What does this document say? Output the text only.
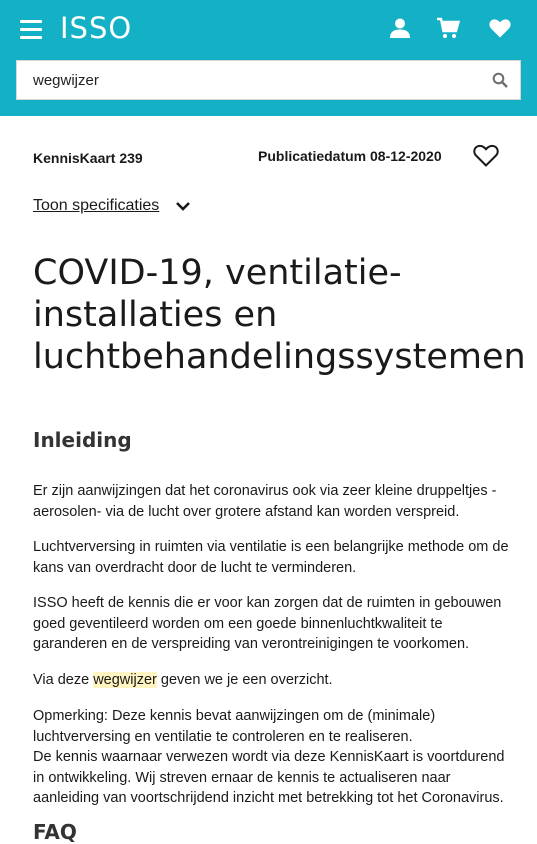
ISSO
wegwijzer
KennisKaart 239	Publicatiedatum 08-12-2020
Toon specificaties
COVID-19, ventilatie-
installaties en
luchtbehandelingssystemen
Inleiding

Er zijn aanwijzingen dat het coronavirus ook via zeer kleine druppeltjes - aerosolen- via de lucht over grotere afstand kan worden verspreid.

Luchtverversing in ruimten via ventilatie is een belangrijke methode om de kans van overdracht door de lucht te verminderen.

ISSO heeft de kennis die er voor kan zorgen dat de ruimten in gebouwen goed geventileerd worden om een goede binnenluchtkwaliteit te garanderen en de verspreiding van verontreinigingen te voorkomen.

Via deze wegwijzer geven we je een overzicht.

Opmerking: Deze kennis bevat aanwijzingen om de (minimale) luchtverversing en ventilatie te controleren en te realiseren.

De kennis waarnaar verwezen wordt via deze KennisKaart is voortdurend in ontwikkeling. Wij streven ernaar de kennis te actualiseren naar aanleiding van voortschrijdend inzicht met betrekking tot het Coronavirus.

FAQ
